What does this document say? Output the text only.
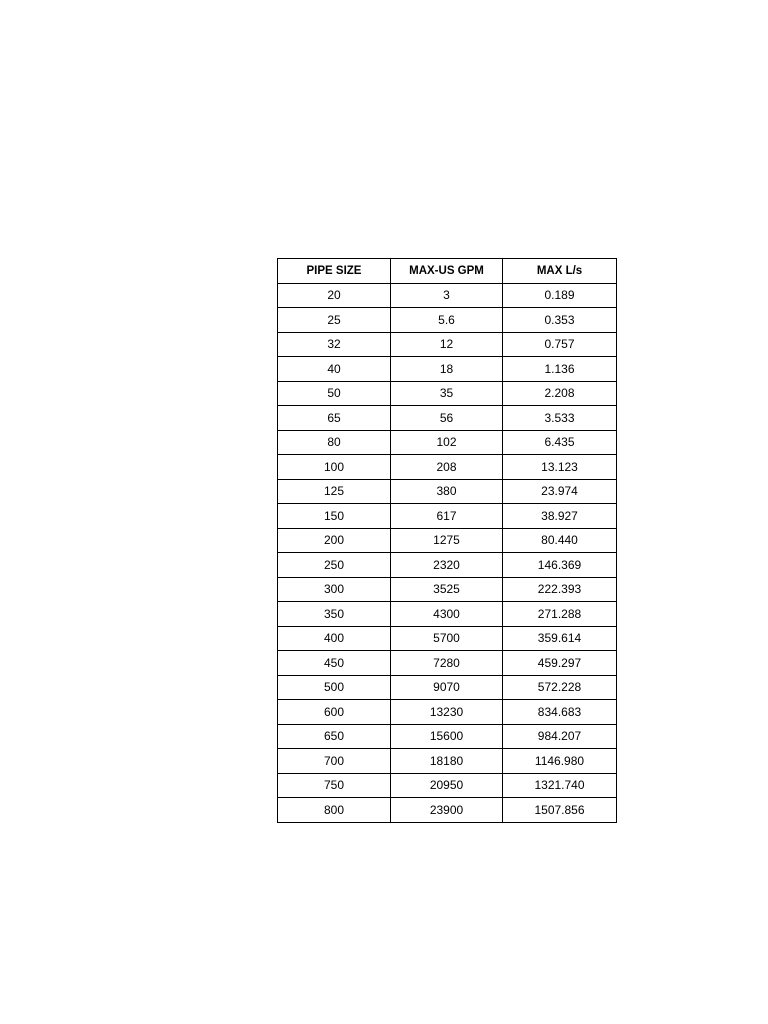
PIPE SIZE	MAX-US GPM	MAX L/s
20	3	0.189
25	5.6	0.353
32	12	0.757
40	18	1.136
50	35	2.208
65	56	3.533
80	102	6.435
100	208	13.123
125	380	23.974
150	617	38.927
200	1275	80.440
250	2320	146.369
300	3525	222.393
350	4300	271.288
400	5700	359.614
450	7280	459.297
500	9070	572.228
600	13230	834.683
650	15600	984.207
700	18180	1146.980
750	20950	1321.740
800	23900	1507.856
